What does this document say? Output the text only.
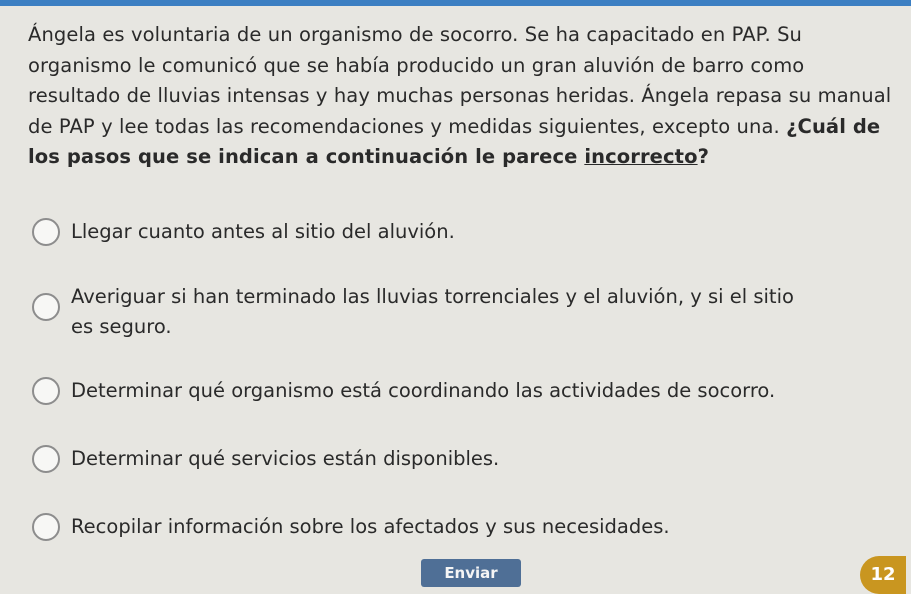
Ángela es voluntaria de un organismo de socorro. Se ha capacitado en PAP. Su organismo le comunicó que se había producido un gran aluvión de barro como resultado de lluvias intensas y hay muchas personas heridas. Ángela repasa su manual de PAP y lee todas las recomendaciones y medidas siguientes, excepto una. ¿Cuál de los pasos que se indican a continuación le parece incorrecto?

Llegar cuanto antes al sitio del aluvión.
Averiguar si han terminado las lluvias torrenciales y el aluvión, y si el sitio es seguro.
Determinar qué organismo está coordinando las actividades de socorro.
Determinar qué servicios están disponibles.
Recopilar información sobre los afectados y sus necesidades.
Enviar	12
